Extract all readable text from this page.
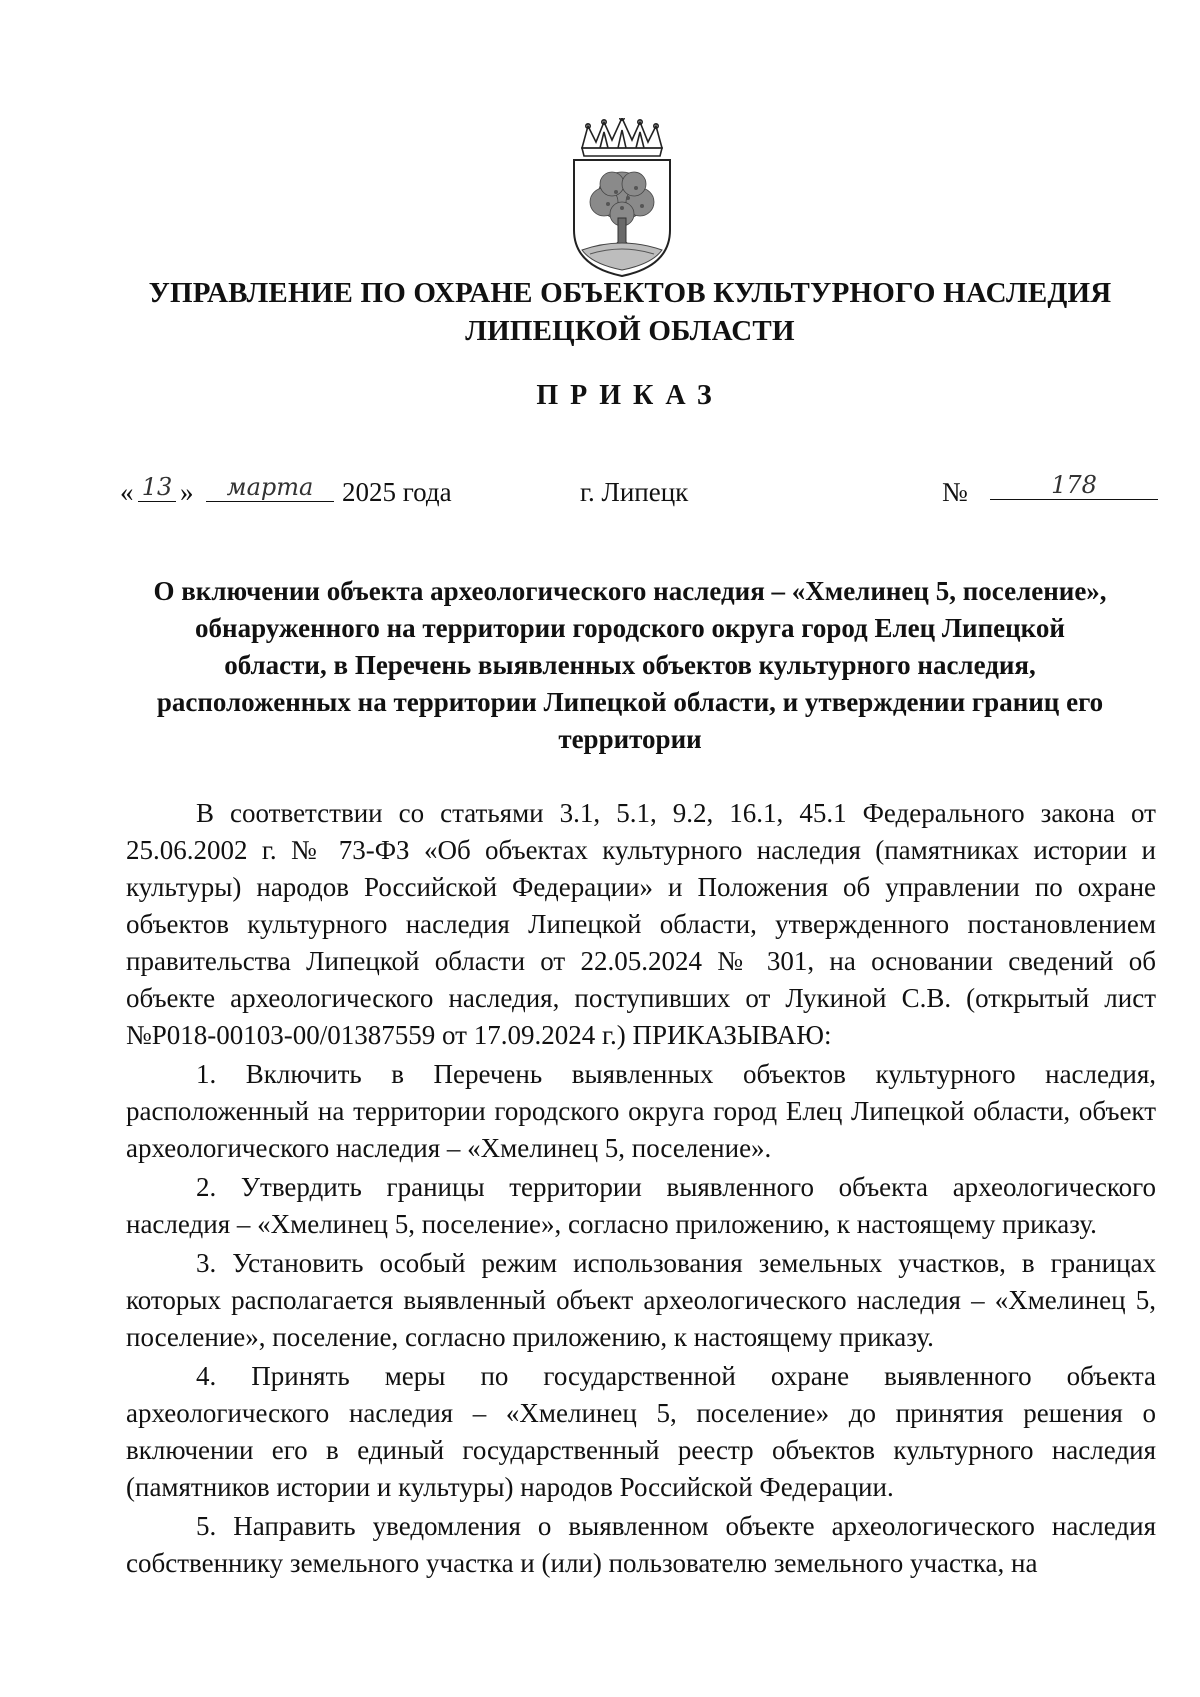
УПРАВЛЕНИЕ ПО ОХРАНЕ ОБЪЕКТОВ КУЛЬТУРНОГО НАСЛЕДИЯ
ЛИПЕЦКОЙ ОБЛАСТИ
ПРИКАЗ
« 13 »	марта	2025 года	г. Липецк	№	178
О включении объекта археологического наследия – «Хмелинец 5, поселение»,
обнаруженного на территории городского округа город Елец Липецкой
области, в Перечень выявленных объектов культурного наследия,
расположенных на территории Липецкой области, и утверждении границ его
территории

В соответствии со статьями 3.1, 5.1, 9.2, 16.1, 45.1 Федерального закона от 25.06.2002 г. № 73-ФЗ «Об объектах культурного наследия (памятниках истории и культуры) народов Российской Федерации» и Положения об управлении по охране объектов культурного наследия Липецкой области, утвержденного постановлением правительства Липецкой области от 22.05.2024 № 301, на основании сведений об объекте археологического наследия, поступивших от Лукиной С.В. (открытый лист №Р018-00103-00/01387559 от 17.09.2024 г.) ПРИКАЗЫВАЮ:

1. Включить в Перечень выявленных объектов культурного наследия, расположенный на территории городского округа город Елец Липецкой области, объект археологического наследия – «Хмелинец 5, поселение».

2. Утвердить границы территории выявленного объекта археологического наследия – «Хмелинец 5, поселение», согласно приложению, к настоящему приказу.

3. Установить особый режим использования земельных участков, в границах которых располагается выявленный объект археологического наследия – «Хмелинец 5, поселение», поселение, согласно приложению, к настоящему приказу.

4. Принять меры по государственной охране выявленного объекта археологического наследия – «Хмелинец 5, поселение» до принятия решения о включении его в единый государственный реестр объектов культурного наследия (памятников истории и культуры) народов Российской Федерации.

5. Направить уведомления о выявленном объекте археологического наследия собственнику земельного участка и (или) пользователю земельного участка, на
